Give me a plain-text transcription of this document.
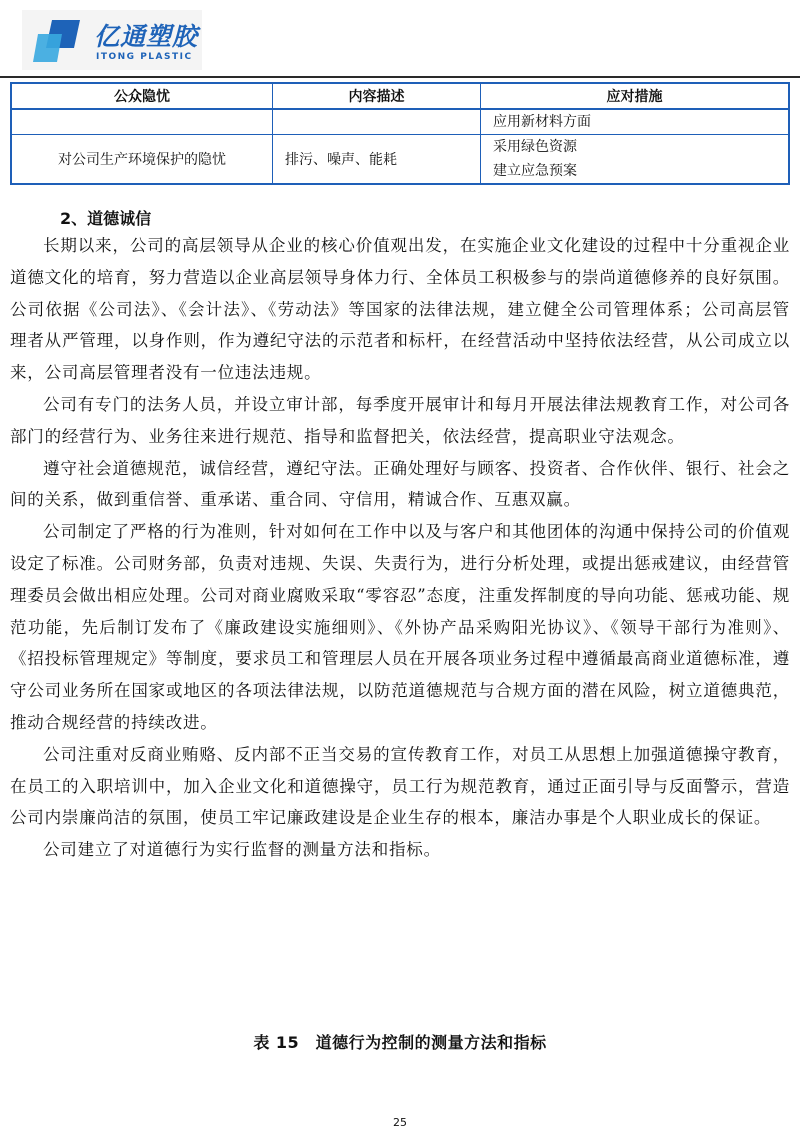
亿通塑胶
ITONG PLASTIC
公众隐忧	内容描述	应对措施

		应用新材料方面

对公司生产环境保护的隐忧	排污、噪声、能耗	采用绿色资源
建立应急预案
2、道德诚信

长期以来，公司的高层领导从企业的核心价值观出发，在实施企业文化建设的过程中十分重视企业道德文化的培育，努力营造以企业高层领导身体力行、全体员工积极参与的崇尚道德修养的良好氛围。公司依据《公司法》、《会计法》、《劳动法》等国家的法律法规，建立健全公司管理体系；公司高层管理者从严管理，以身作则，作为遵纪守法的示范者和标杆，在经营活动中坚持依法经营，从公司成立以来，公司高层管理者没有一位违法违规。

公司有专门的法务人员，并设立审计部，每季度开展审计和每月开展法律法规教育工作，对公司各部门的经营行为、业务往来进行规范、指导和监督把关，依法经营，提高职业守法观念。

遵守社会道德规范，诚信经营，遵纪守法。正确处理好与顾客、投资者、合作伙伴、银行、社会之间的关系，做到重信誉、重承诺、重合同、守信用，精诚合作、互惠双赢。

公司制定了严格的行为准则，针对如何在工作中以及与客户和其他团体的沟通中保持公司的价值观设定了标准。公司财务部，负责对违规、失误、失责行为，进行分析处理，或提出惩戒建议，由经营管理委员会做出相应处理。公司对商业腐败采取“零容忍”态度，注重发挥制度的导向功能、惩戒功能、规范功能，先后制订发布了《廉政建设实施细则》、《外协产品采购阳光协议》、《领导干部行为准则》、《招投标管理规定》等制度，要求员工和管理层人员在开展各项业务过程中遵循最高商业道德标准，遵守公司业务所在国家或地区的各项法律法规，以防范道德规范与合规方面的潜在风险，树立道德典范，推动合规经营的持续改进。

公司注重对反商业贿赂、反内部不正当交易的宣传教育工作，对员工从思想上加强道德操守教育，在员工的入职培训中，加入企业文化和道德操守，员工行为规范教育，通过正面引导与反面警示，营造公司内崇廉尚洁的氛围，使员工牢记廉政建设是企业生存的根本，廉洁办事是个人职业成长的保证。

公司建立了对道德行为实行监督的测量方法和指标。

表 15　道德行为控制的测量方法和指标
25
